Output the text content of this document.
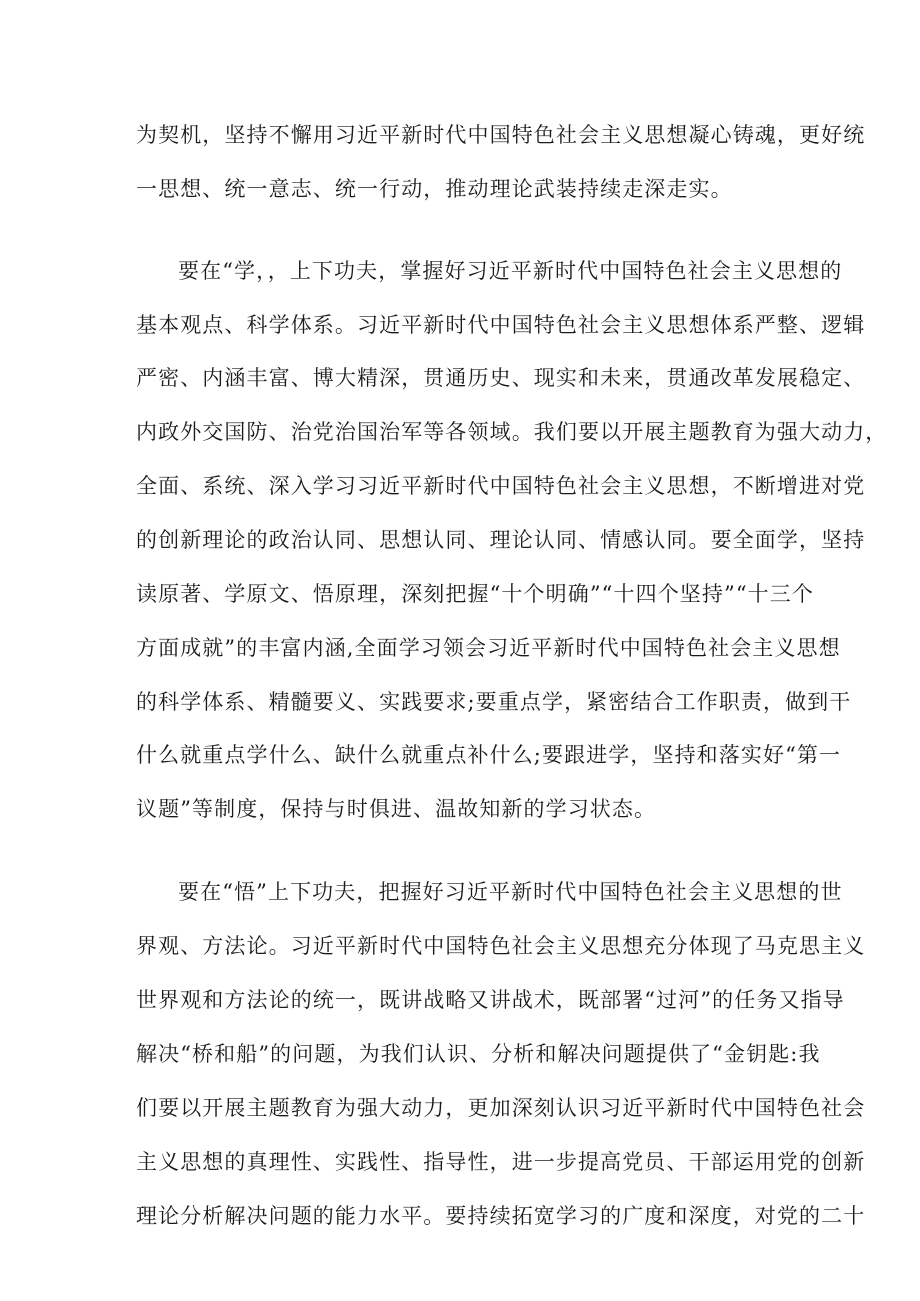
为契机，坚持不懈用习近平新时代中国特色社会主义思想凝心铸魂，更好统

一思想、统一意志、统一行动，推动理论武装持续走深走实。

要在“学，，上下功夫，掌握好习近平新时代中国特色社会主义思想的

基本观点、科学体系。习近平新时代中国特色社会主义思想体系严整、逻辑

严密、内涵丰富、博大精深，贯通历史、现实和未来，贯通改革发展稳定、

内政外交国防、治党治国治军等各领域。我们要以开展主题教育为强大动力，

全面、系统、深入学习习近平新时代中国特色社会主义思想，不断增进对党

的创新理论的政治认同、思想认同、理论认同、情感认同。要全面学，坚持

读原著、学原文、悟原理，深刻把握“十个明确”“十四个坚持”“十三个

方面成就”的丰富内涵,全面学习领会习近平新时代中国特色社会主义思想

的科学体系、精髓要义、实践要求;要重点学，紧密结合工作职责，做到干

什么就重点学什么、缺什么就重点补什么;要跟进学，坚持和落实好“第一

议题”等制度，保持与时俱进、温故知新的学习状态。

要在“悟”上下功夫，把握好习近平新时代中国特色社会主义思想的世

界观、方法论。习近平新时代中国特色社会主义思想充分体现了马克思主义

世界观和方法论的统一，既讲战略又讲战术，既部署“过河”的任务又指导

解决“桥和船”的问题，为我们认识、分析和解决问题提供了“金钥匙:我

们要以开展主题教育为强大动力，更加深刻认识习近平新时代中国特色社会

主义思想的真理性、实践性、指导性，进一步提高党员、干部运用党的创新

理论分析解决问题的能力水平。要持续拓宽学习的广度和深度，对党的二十
